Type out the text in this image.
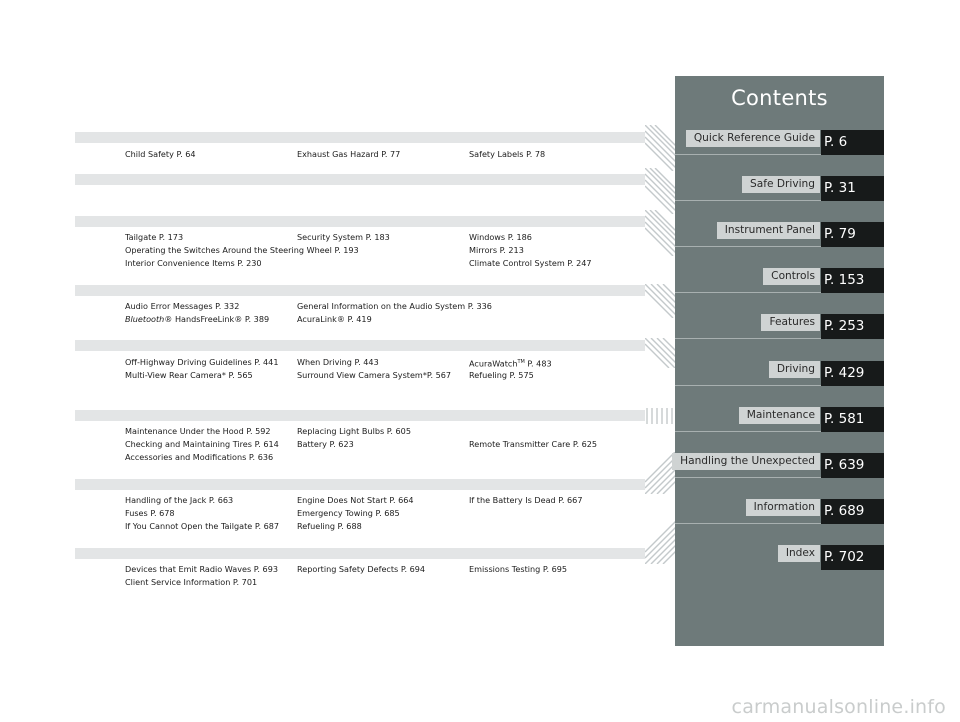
Child Safety P. 64	Exhaust Gas Hazard P. 77	Safety Labels P. 78
Tailgate P. 173	Security System P. 183	Windows P. 186
Operating the Switches Around the Steering Wheel P. 193	Mirrors P. 213
Interior Convenience Items P. 230	Climate Control System P. 247
Audio Error Messages P. 332	General Information on the Audio System P. 336
Bluetooth® HandsFreeLink® P. 389	AcuraLink® P. 419
Off-Highway Driving Guidelines P. 441 When Driving P. 443	AcuraWatch™ P. 483
Multi-View Rear Camera* P. 565	Surround View Camera System*P. 567 Refueling P. 575
Maintenance Under the Hood P. 592	Replacing Light Bulbs P. 605
Checking and Maintaining Tires P. 614 Battery P. 623	Remote Transmitter Care P. 625
Accessories and Modifications P. 636
Handling of the Jack P. 663	Engine Does Not Start P. 664	If the Battery Is Dead P. 667
Fuses P. 678	Emergency Towing P. 685
If You Cannot Open the Tailgate P. 687 Refueling P. 688
Devices that Emit Radio Waves P. 693 Reporting Safety Defects P. 694	Emissions Testing P. 695
Client Service Information P. 701
Contents
Quick Reference Guide P. 6
Safe Driving P. 31
Instrument Panel P. 79
Controls P. 153
Features P. 253
Driving P. 429
Maintenance P. 581
Handling the Unexpected P. 639
Information P. 689
Index P. 702
carmanualsonline.info
